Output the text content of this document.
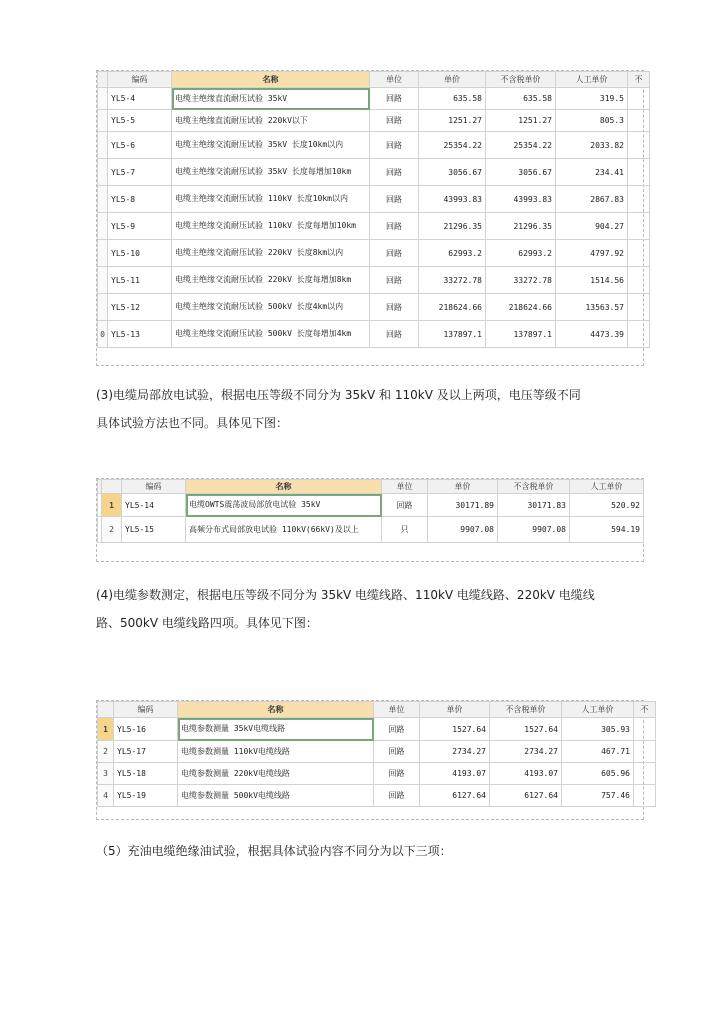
	编码	名称	单位	单价	不含税单价	人工单价	不
	YL5-4	电缆主绝缘直流耐压试验 35kV	回路	635.58	635.58	319.5	
	YL5-5	电缆主绝缘直流耐压试验 220kV以下	回路	1251.27	1251.27	805.3	
	YL5-6	电缆主绝缘交流耐压试验 35kV 长度10km以内	回路	25354.22	25354.22	2033.82	
	YL5-7	电缆主绝缘交流耐压试验 35kV 长度每增加10km	回路	3056.67	3056.67	234.41	
	YL5-8	电缆主绝缘交流耐压试验 110kV 长度10km以内	回路	43993.83	43993.83	2867.83	
	YL5-9	电缆主绝缘交流耐压试验 110kV 长度每增加10km	回路	21296.35	21296.35	904.27	
	YL5-10	电缆主绝缘交流耐压试验 220kV 长度8km以内	回路	62993.2	62993.2	4797.92	
	YL5-11	电缆主绝缘交流耐压试验 220kV 长度每增加8km	回路	33272.78	33272.78	1514.56	
	YL5-12	电缆主绝缘交流耐压试验 500kV 长度4km以内	回路	218624.66	218624.66	13563.57	
0	YL5-13	电缆主绝缘交流耐压试验 500kV 长度每增加4km	回路	137897.1	137897.1	4473.39	
(3)电缆局部放电试验，根据电压等级不同分为 35kV 和 110kV 及以上两项，电压等级不同
具体试验方法也不同。具体见下图：
		编码	名称	单位	单价	不含税单价	人工单价
	1	YL5-14	电缆OWTS震荡波局部放电试验 35kV	回路	30171.89	30171.83	520.92
	2	YL5-15	高频分布式局部放电试验 110kV(66kV)及以上	只	9907.08	9907.08	594.19
(4)电缆参数测定，根据电压等级不同分为 35kV 电缆线路、110kV 电缆线路、220kV 电缆线
路、500kV 电缆线路四项。具体见下图：
	编码	名称	单位	单价	不含税单价	人工单价	不
1	YL5-16	电缆参数测量 35kV电缆线路	回路	1527.64	1527.64	305.93	
2	YL5-17	电缆参数测量 110kV电缆线路	回路	2734.27	2734.27	467.71	
3	YL5-18	电缆参数测量 220kV电缆线路	回路	4193.07	4193.07	605.96	
4	YL5-19	电缆参数测量 500kV电缆线路	回路	6127.64	6127.64	757.46	
（5）充油电缆绝缘油试验，根据具体试验内容不同分为以下三项：
